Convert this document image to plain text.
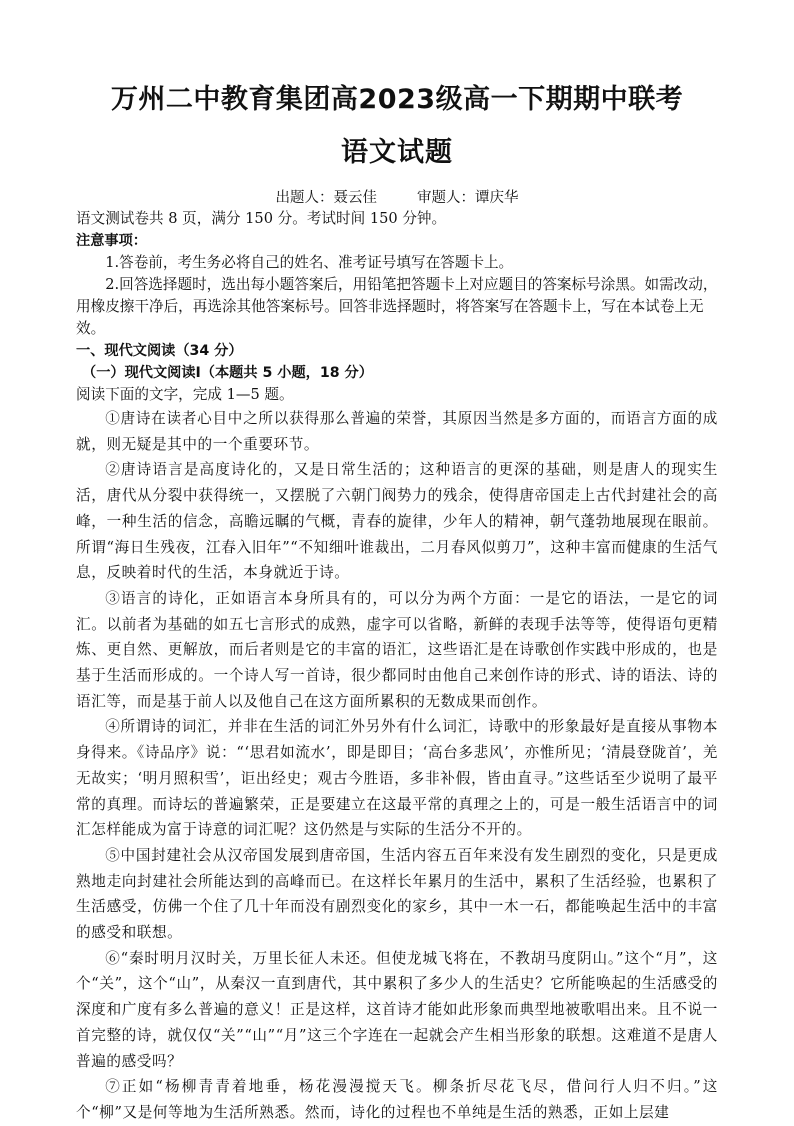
万州二中教育集团高2023级高一下期期中联考
语文试题
出题人：聂云佳	审题人：谭庆华

语文测试卷共 8 页，满分 150 分。考试时间 150 分钟。

注意事项：

1.答卷前，考生务必将自己的姓名、准考证号填写在答题卡上。

2.回答选择题时，选出每小题答案后，用铅笔把答题卡上对应题目的答案标号涂黑。如需改动，用橡皮擦干净后，再选涂其他答案标号。回答非选择题时，将答案写在答题卡上，写在本试卷上无效。

一、现代文阅读（34 分）

（一）现代文阅读Ⅰ（本题共 5 小题，18 分）

阅读下面的文字，完成 1—5 题。

①唐诗在读者心目中之所以获得那么普遍的荣誉，其原因当然是多方面的，而语言方面的成就，则无疑是其中的一个重要环节。

②唐诗语言是高度诗化的，又是日常生活的；这种语言的更深的基础，则是唐人的现实生活，唐代从分裂中获得统一，又摆脱了六朝门阀势力的残余，使得唐帝国走上古代封建社会的高峰，一种生活的信念，高瞻远瞩的气概，青春的旋律，少年人的精神，朝气蓬勃地展现在眼前。所谓“海日生残夜，江春入旧年”“不知细叶谁裁出，二月春风似剪刀”，这种丰富而健康的生活气息，反映着时代的生活，本身就近于诗。

③语言的诗化，正如语言本身所具有的，可以分为两个方面：一是它的语法，一是它的词汇。以前者为基础的如五七言形式的成熟，虚字可以省略，新鲜的表现手法等等，使得语句更精炼、更自然、更解放，而后者则是它的丰富的语汇，这些语汇是在诗歌创作实践中形成的，也是基于生活而形成的。一个诗人写一首诗，很少都同时由他自己来创作诗的形式、诗的语法、诗的语汇等，而是基于前人以及他自己在这方面所累积的无数成果而创作。

④所谓诗的词汇，并非在生活的词汇外另外有什么词汇，诗歌中的形象最好是直接从事物本身得来。《诗品序》说：“‘思君如流水’，即是即目；‘高台多悲风’，亦惟所见；‘清晨登陇首’，羌无故实；‘明月照积雪’，讵出经史；观古今胜语，多非补假，皆由直寻。”这些话至少说明了最平常的真理。而诗坛的普遍繁荣，正是要建立在这最平常的真理之上的，可是一般生活语言中的词汇怎样能成为富于诗意的词汇呢？这仍然是与实际的生活分不开的。

⑤中国封建社会从汉帝国发展到唐帝国，生活内容五百年来没有发生剧烈的变化，只是更成熟地走向封建社会所能达到的高峰而已。在这样长年累月的生活中，累积了生活经验，也累积了生活感受，仿佛一个住了几十年而没有剧烈变化的家乡，其中一木一石，都能唤起生活中的丰富的感受和联想。

⑥“秦时明月汉时关，万里长征人未还。但使龙城飞将在，不教胡马度阴山。”这个“月”，这个“关”，这个“山”，从秦汉一直到唐代，其中累积了多少人的生活史？它所能唤起的生活感受的深度和广度有多么普遍的意义！正是这样，这首诗才能如此形象而典型地被歌唱出来。且不说一首完整的诗，就仅仅“关”“山”“月”这三个字连在一起就会产生相当形象的联想。这难道不是唐人普遍的感受吗？

⑦正如“杨柳青青着地垂，杨花漫漫搅天飞。柳条折尽花飞尽，借问行人归不归。”这个“柳”又是何等地为生活所熟悉。然而，诗化的过程也不单纯是生活的熟悉，正如上层建
